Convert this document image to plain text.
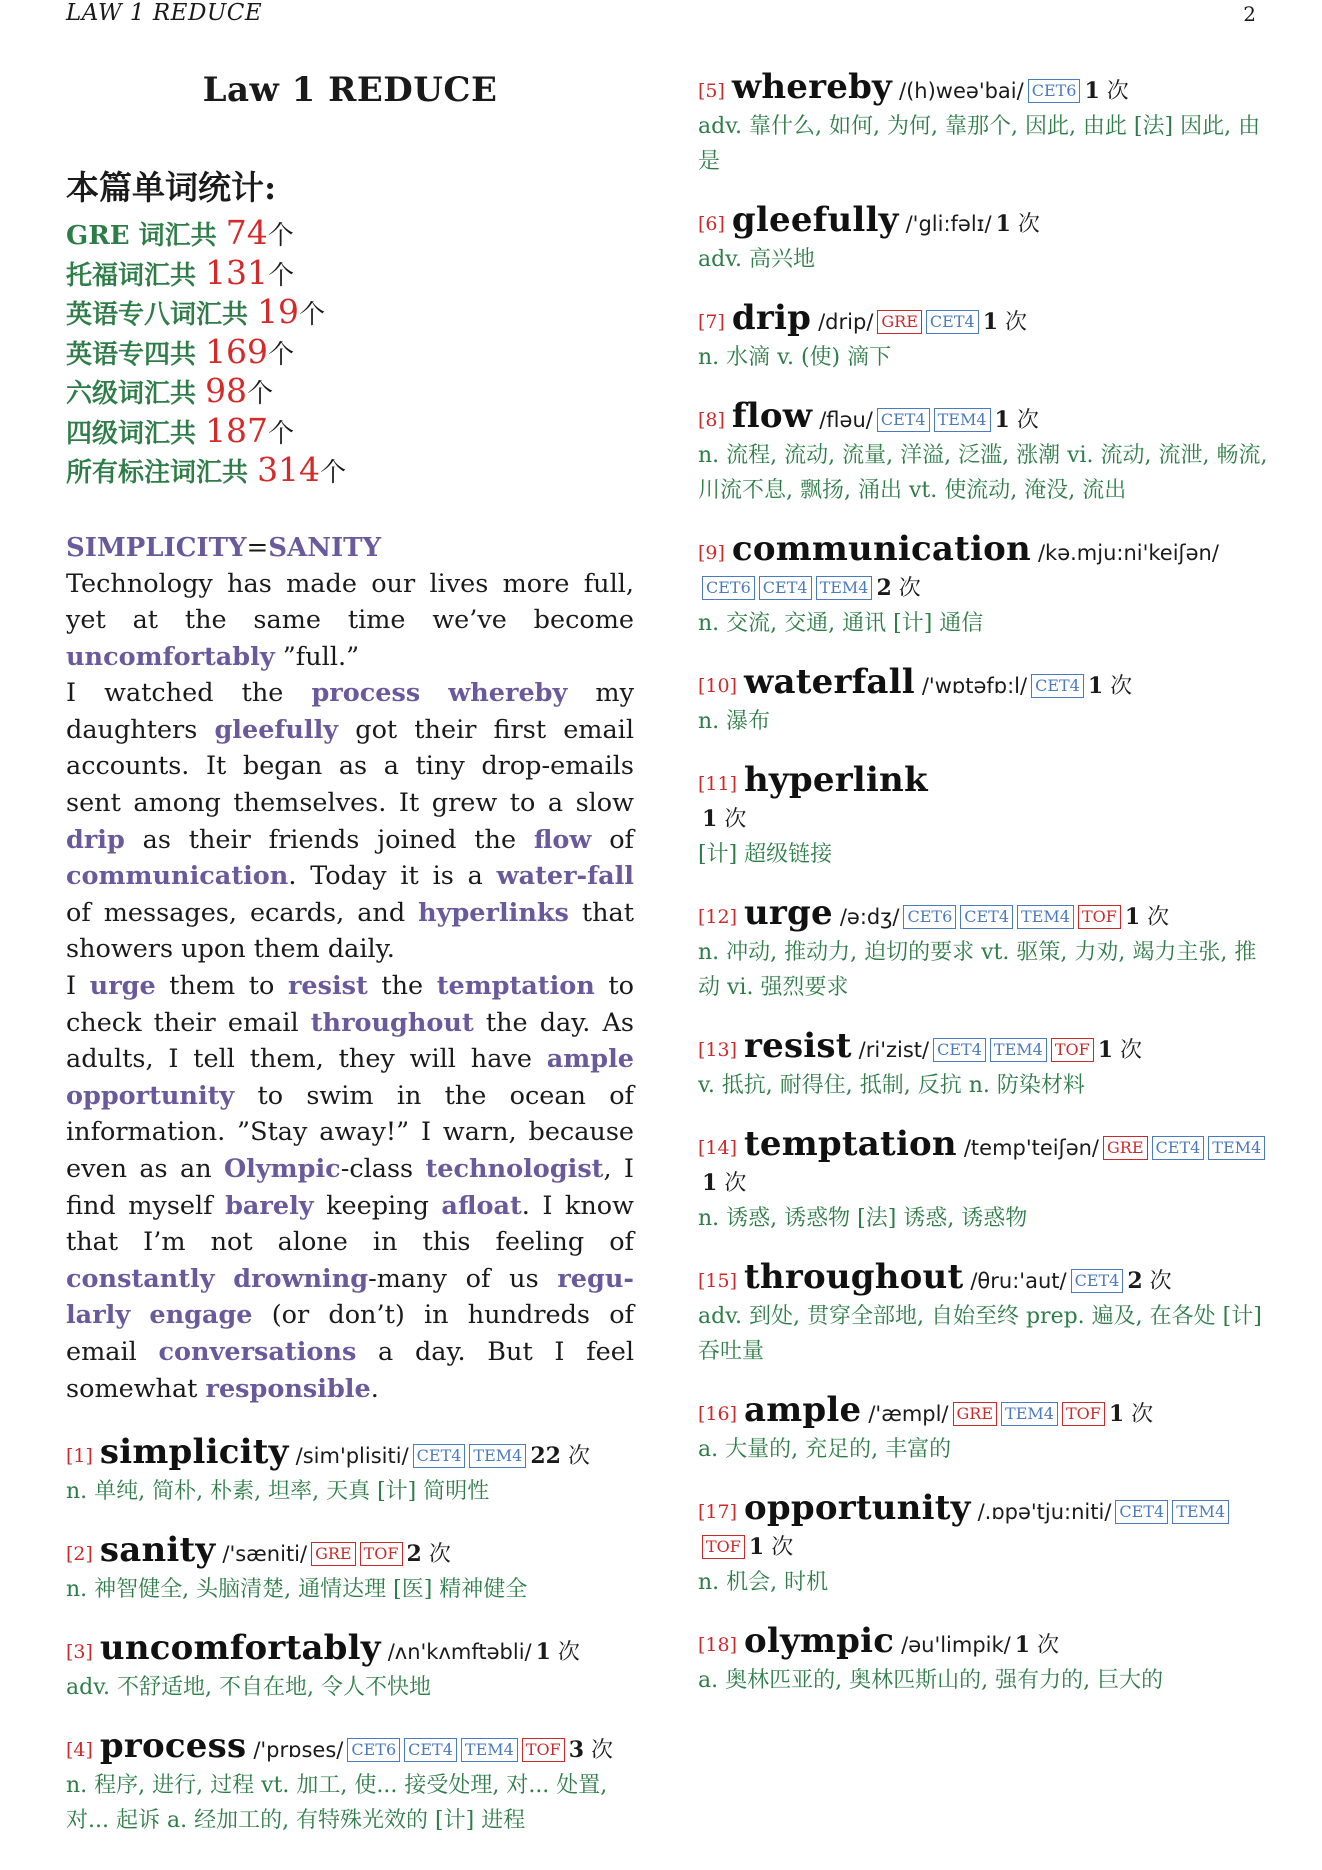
LAW 1 REDUCE	2
Law 1 REDUCE
本篇单词统计:
GRE 词汇共 74个
托福词汇共 131个
英语专八词汇共 19个
英语专四共 169个
六级词汇共 98个
四级词汇共 187个
所有标注词汇共 314个
SIMPLICITY=SANITY

Technology has made our lives more full, yet at the same time we’ve become uncomfortably ”full.”
I watched the process whereby my daughters gleefully got their first email accounts. It began as a tiny drop-emails sent among themselves. It grew to a slow drip as their friends joined the flow of communication. Today it is a water-fall of messages, ecards, and hyperlinks that showers upon them daily.
I urge them to resist the temptation to check their email throughout the day. As adults, I tell them, they will have ample opportunity to swim in the ocean of information. ”Stay away!” I warn, because even as an Olympic-class technologist, I find myself barely keeping afloat. I know that I’m not alone in this feeling of constantly drowning-many of us regu-larly engage (or don’t) in hundreds of email conversations a day. But I feel somewhat responsible.

[1] simplicity /sim'plisiti/ CET4 TEM4 22 次
n. 单纯, 简朴, 朴素, 坦率, 天真 [计] 简明性
[2] sanity /'sæniti/ GRE TOF 2 次
n. 神智健全, 头脑清楚, 通情达理 [医] 精神健全
[3] uncomfortably /ʌn'kʌmftəbli/ 1 次
adv. 不舒适地, 不自在地, 令人不快地
[4] process /'prɒses/ CET6 CET4 TEM4 TOF 3 次
n. 程序, 进行, 过程 vt. 加工, 使... 接受处理, 对... 处置, 对... 起诉 a. 经加工的, 有特殊光效的 [计] 进程
[5] whereby /(h)weə'bai/ CET6 1 次
adv. 靠什么, 如何, 为何, 靠那个, 因此, 由此 [法] 因此, 由是
[6] gleefully /'gli:fəlɪ/ 1 次
adv. 高兴地
[7] drip /drip/ GRE CET4 1 次
n. 水滴 v. (使) 滴下
[8] flow /fləu/ CET4 TEM4 1 次
n. 流程, 流动, 流量, 洋溢, 泛滥, 涨潮 vi. 流动, 流泄, 畅流, 川流不息, 飘扬, 涌出 vt. 使流动, 淹没, 流出
[9] communication /kə.mju:ni'keiʃən/CET6 CET4 TEM4 2 次
n. 交流, 交通, 通讯 [计] 通信
[10] waterfall /'wɒtəfɒ:l/ CET4 1 次
n. 瀑布
[11] hyperlink
1 次
[计] 超级链接
[12] urge /ə:dʒ/ CET6 CET4 TEM4 TOF 1 次
n. 冲动, 推动力, 迫切的要求 vt. 驱策, 力劝, 竭力主张, 推动 vi. 强烈要求
[13] resist /ri'zist/ CET4 TEM4 TOF 1 次
v. 抵抗, 耐得住, 抵制, 反抗 n. 防染材料
[14] temptation /temp'teiʃən/ GRE CET4 TEM41 次
n. 诱惑, 诱惑物 [法] 诱惑, 诱惑物
[15] throughout /θru:'aut/ CET4 2 次
adv. 到处, 贯穿全部地, 自始至终 prep. 遍及, 在各处 [计] 吞吐量
[16] ample /'æmpl/ GRE TEM4 TOF 1 次
a. 大量的, 充足的, 丰富的
[17] opportunity /.ɒpə'tju:niti/ CET4 TEM4TOF 1 次
n. 机会, 时机
[18] olympic /əu'limpik/ 1 次
a. 奥林匹亚的, 奥林匹斯山的, 强有力的, 巨大的
